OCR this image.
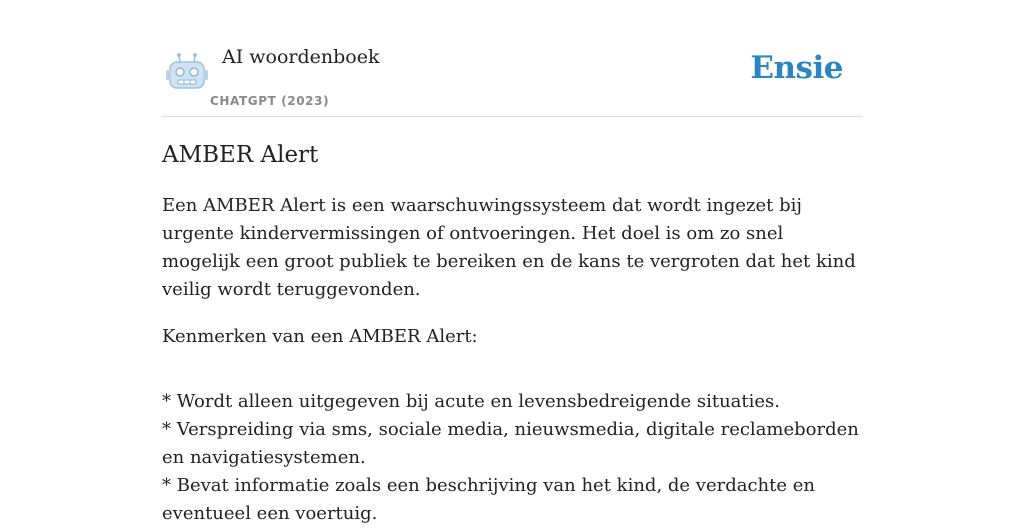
AI woordenboek
CHATGPT (2023)
Ensie
AMBER Alert

Een AMBER Alert is een waarschuwingssysteem dat wordt ingezet bij urgente kindervermissingen of ontvoeringen. Het doel is om zo snel mogelijk een groot publiek te bereiken en de kans te vergroten dat het kind veilig wordt teruggevonden.

Kenmerken van een AMBER Alert:

* Wordt alleen uitgegeven bij acute en levensbedreigende situaties.

* Verspreiding via sms, sociale media, nieuwsmedia, digitale reclameborden en navigatiesystemen.

* Bevat informatie zoals een beschrijving van het kind, de verdachte en eventueel een voertuig.
